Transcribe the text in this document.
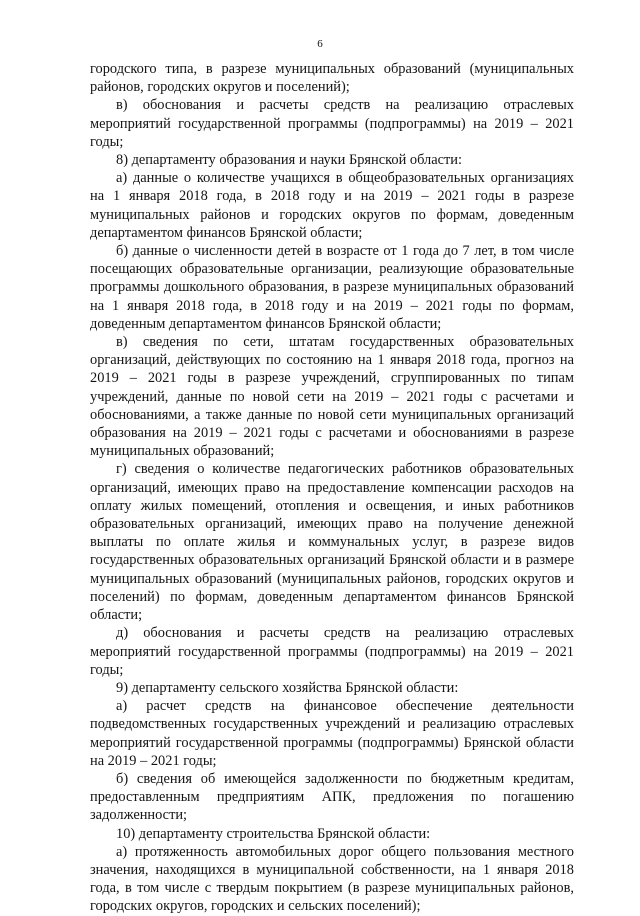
6

городского типа, в разрезе муниципальных образований (муниципальных районов, городских округов и поселений);

в) обоснования и расчеты средств на реализацию отраслевых мероприятий государственной программы (подпрограммы) на 2019 – 2021 годы;

8) департаменту образования и науки Брянской области:

а) данные о количестве учащихся в общеобразовательных организациях на 1 января 2018 года, в 2018 году и на 2019 – 2021 годы в разрезе муниципальных районов и городских округов по формам, доведенным департаментом финансов Брянской области;

б) данные о численности детей в возрасте от 1 года до 7 лет, в том числе посещающих образовательные организации, реализующие образовательные программы дошкольного образования, в разрезе муниципальных образований на 1 января 2018 года, в 2018 году и на 2019 – 2021 годы по формам, доведенным департаментом финансов Брянской области;

в) сведения по сети, штатам государственных образовательных организаций, действующих по состоянию на 1 января 2018 года, прогноз на 2019 – 2021 годы в разрезе учреждений, сгруппированных по типам учреждений, данные по новой сети на 2019 – 2021 годы с расчетами и обоснованиями, а также данные по новой сети муниципальных организаций образования на 2019 – 2021 годы с расчетами и обоснованиями в разрезе муниципальных образований;

г) сведения о количестве педагогических работников образовательных организаций, имеющих право на предоставление компенсации расходов на оплату жилых помещений, отопления и освещения, и иных работников образовательных организаций, имеющих право на получение денежной выплаты по оплате жилья и коммунальных услуг, в разрезе видов государственных образовательных организаций Брянской области и в размере муниципальных образований (муниципальных районов, городских округов и поселений) по формам, доведенным департаментом финансов Брянской области;

д) обоснования и расчеты средств на реализацию отраслевых мероприятий государственной программы (подпрограммы) на 2019 – 2021 годы;

9) департаменту сельского хозяйства Брянской области:

а) расчет средств на финансовое обеспечение деятельности подведомственных государственных учреждений и реализацию отраслевых мероприятий государственной программы (подпрограммы) Брянской области на 2019 – 2021 годы;

б) сведения об имеющейся задолженности по бюджетным кредитам, предоставленным предприятиям АПК, предложения по погашению задолженности;

10) департаменту строительства Брянской области:

а) протяженность автомобильных дорог общего пользования местного значения, находящихся в муниципальной собственности, на 1 января 2018 года, в том числе с твердым покрытием (в разрезе муниципальных районов, городских округов, городских и сельских поселений);
